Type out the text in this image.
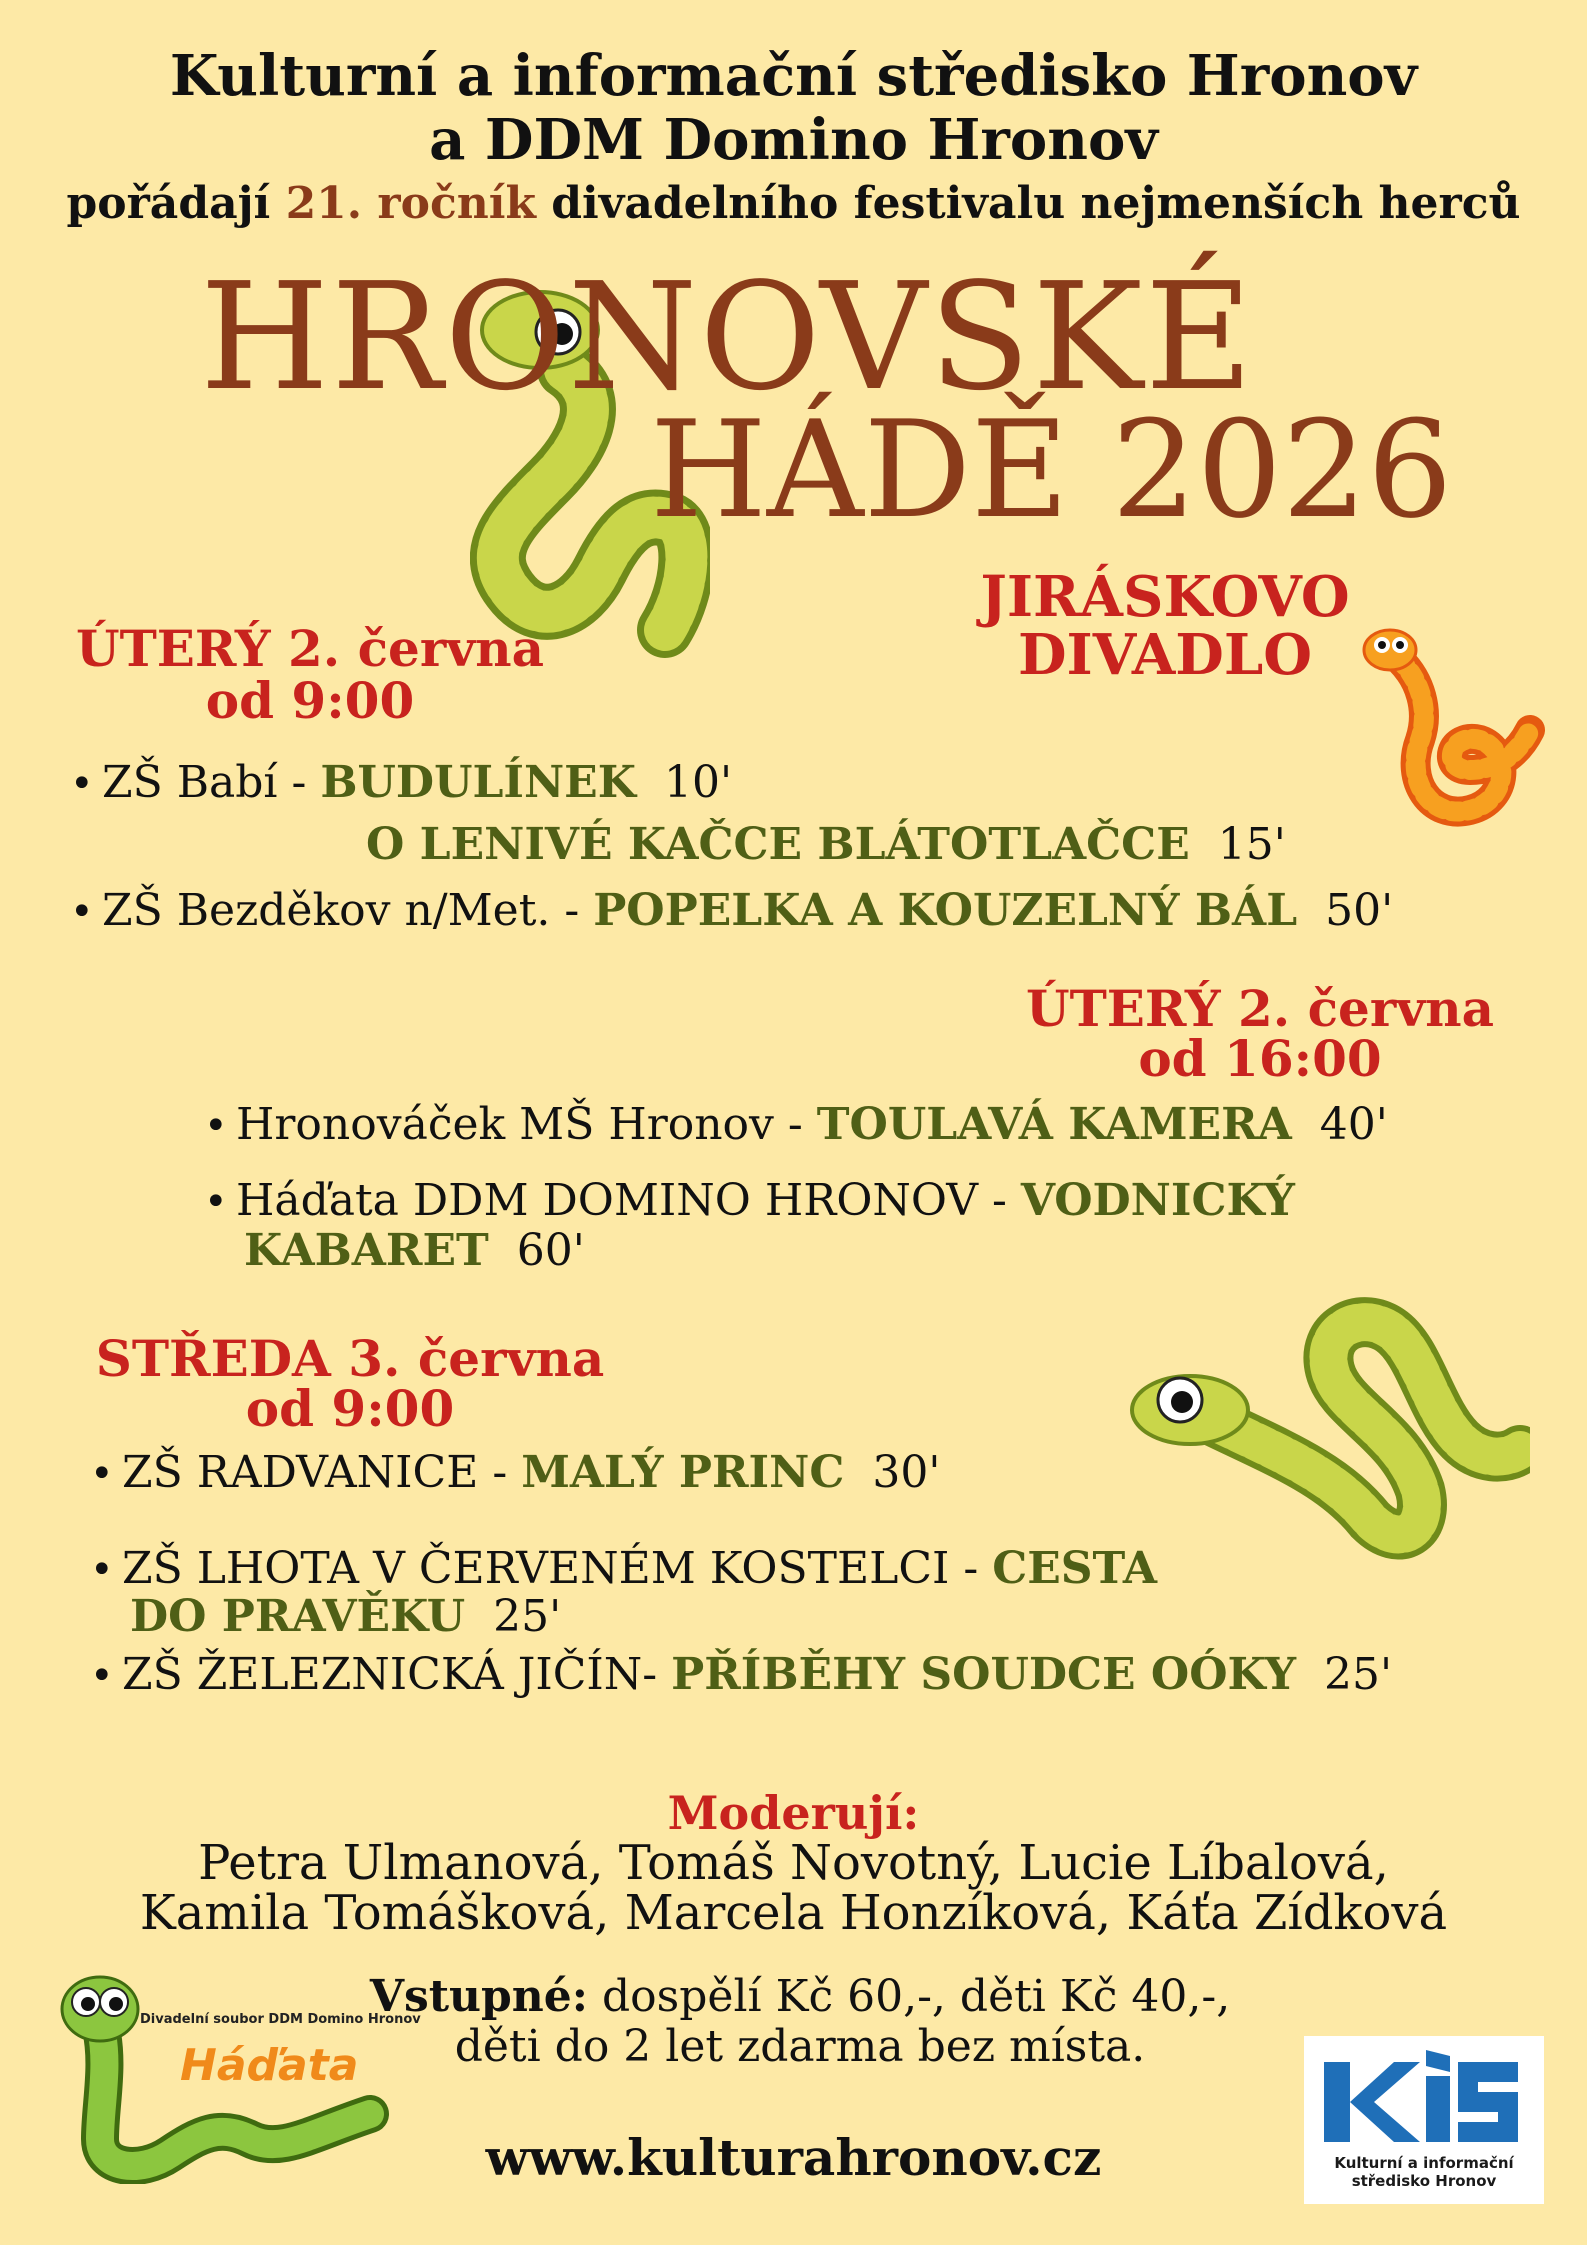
Kulturní a informační středisko Hronov
a DDM Domino Hronov
pořádají 21. ročník divadelního festivalu nejmenších herců
HRONOVSKÉ
HÁDĚ 2026
JIRÁSKOVO
DIVADLO
ÚTERÝ 2. června
od 9:00
• ZŠ Babí - BUDULÍNEK 10'
O LENIVÉ KAČCE BLÁTOTLAČCE 15'
• ZŠ Bezděkov n/Met. - POPELKA A KOUZELNÝ BÁL 50'
ÚTERÝ 2. června
od 16:00
• Hronováček MŠ Hronov - TOULAVÁ KAMERA 40'
• Háďata DDM DOMINO HRONOV - VODNICKÝ
KABARET 60'
STŘEDA 3. června
od 9:00
• ZŠ RADVANICE - MALÝ PRINC 30'
• ZŠ LHOTA V ČERVENÉM KOSTELCI - CESTA
DO PRAVĚKU 25'
• ZŠ ŽELEZNICKÁ JIČÍN- PŘÍBĚHY SOUDCE OÓKY 25'
Moderují:
Petra Ulmanová, Tomáš Novotný, Lucie Líbalová,
Kamila Tomášková, Marcela Honzíková, Káťa Zídková
Vstupné: dospělí Kč 60,-, děti Kč 40,-,
děti do 2 let zdarma bez místa.
www.kulturahronov.cz
Divadelní soubor DDM Domino Hronov
Háďata
Kulturní a informační
středisko Hronov
